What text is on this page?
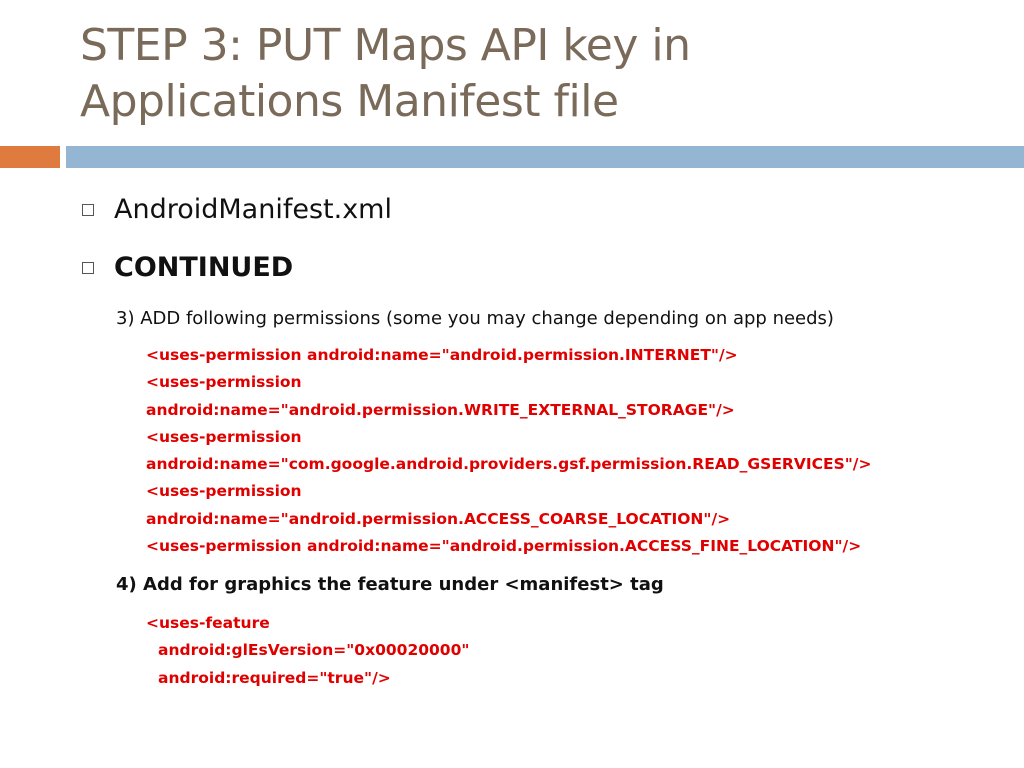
STEP 3: PUT Maps API key in
Applications Manifest file
AndroidManifest.xml
CONTINUED
3) ADD following permissions (some you may change depending on app needs)
<uses-permission android:name="android.permission.INTERNET"/>
<uses-permission
android:name="android.permission.WRITE_EXTERNAL_STORAGE"/>
<uses-permission
android:name="com.google.android.providers.gsf.permission.READ_GSERVICES"/>
<uses-permission
android:name="android.permission.ACCESS_COARSE_LOCATION"/>
<uses-permission android:name="android.permission.ACCESS_FINE_LOCATION"/>
4) Add for graphics the feature under <manifest> tag
<uses-feature
android:glEsVersion="0x00020000"
android:required="true"/>
